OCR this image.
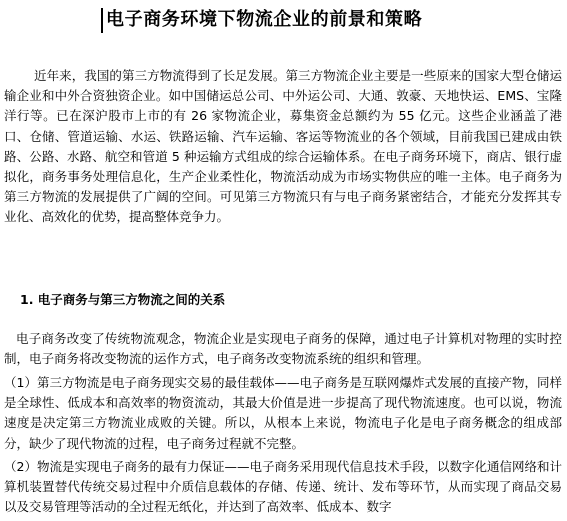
电子商务环境下物流企业的前景和策略

近年来，我国的第三方物流得到了长足发展。第三方物流企业主要是一些原来的国家大型仓储运输企业和中外合资独资企业。如中国储运总公司、中外运公司、大通、敦豪、天地快运、EMS、宝隆洋行等。已在深沪股市上市的有 26 家物流企业，募集资金总额约为 55 亿元。这些企业涵盖了港口、仓储、管道运输、水运、铁路运输、汽车运输、客运等物流业的各个领域，目前我国已建成由铁路、公路、水路、航空和管道 5 种运输方式组成的综合运输体系。在电子商务环境下，商店、银行虚拟化，商务事务处理信息化，生产企业柔性化，物流活动成为市场实物供应的唯一主体。电子商务为第三方物流的发展提供了广阔的空间。可见第三方物流只有与电子商务紧密结合，才能充分发挥其专业化、高效化的优势，提高整体竞争力。

1. 电子商务与第三方物流之间的关系

电子商务改变了传统物流观念，物流企业是实现电子商务的保障，通过电子计算机对物理的实时控制，电子商务将改变物流的运作方式，电子商务改变物流系统的组织和管理。

（1）第三方物流是电子商务现实交易的最佳载体——电子商务是互联网爆炸式发展的直接产物，同样是全球性、低成本和高效率的物资流动，其最大价值是进一步提高了现代物流速度。也可以说，物流速度是决定第三方物流业成败的关键。所以，从根本上来说，物流电子化是电子商务概念的组成部分，缺少了现代物流的过程，电子商务过程就不完整。

（2）物流是实现电子商务的最有力保证——电子商务采用现代信息技术手段，以数字化通信网络和计算机装置替代传统交易过程中介质信息载体的存储、传递、统计、发布等环节，从而实现了商品交易以及交易管理等活动的全过程无纸化，并达到了高效率、低成本、数字
